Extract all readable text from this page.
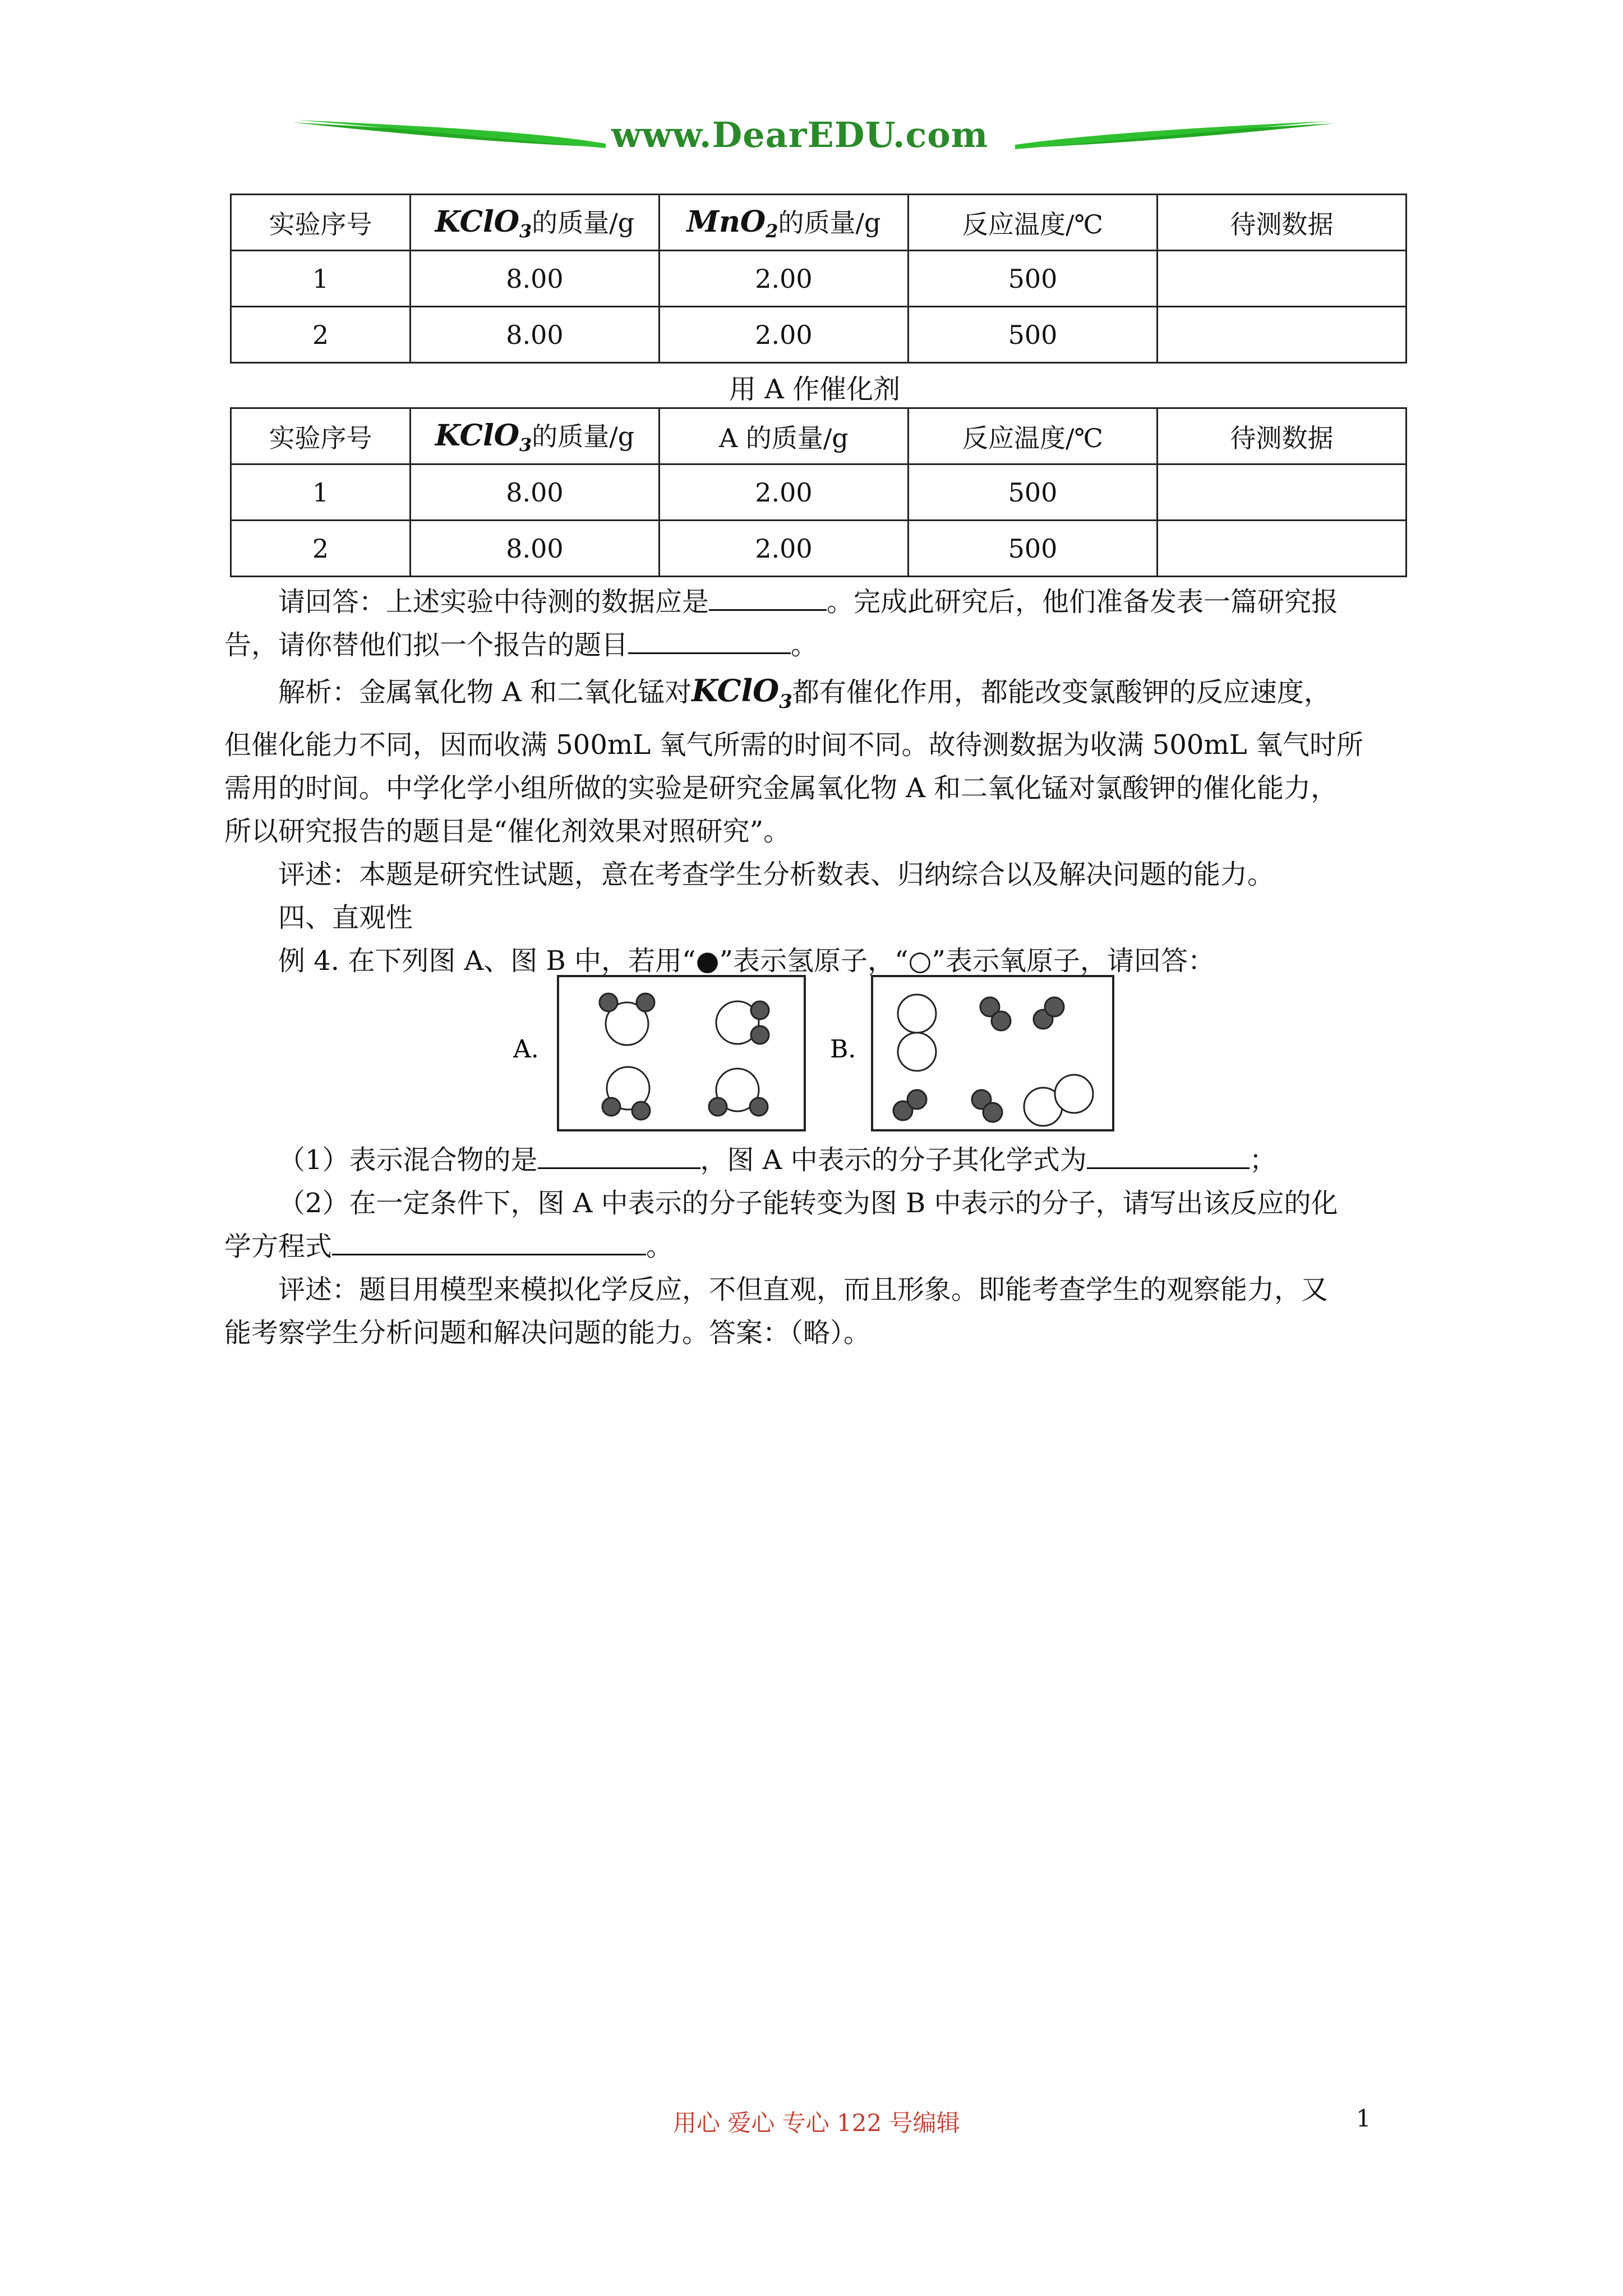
www.DearEDU.com
实验序号	KClO$_3$的质量/g	MnO$_2$的质量/g	反应温度/℃	待测数据
1	8.00	2.00	500	
2	8.00	2.00	500	
用 A 作催化剂
实验序号	KClO$_3$的质量/g	A 的质量/g	反应温度/℃	待测数据
1	8.00	2.00	500	
2	8.00	2.00	500	
请回答：上述实验中待测的数据应是	。完成此研究后，他们准备发表一篇研究报
告，请你替他们拟一个报告的题目	。
解析：金属氧化物 A 和二氧化锰对KClO$_3$都有催化作用，都能改变氯酸钾的反应速度，
但催化能力不同，因而收满 500mL 氧气所需的时间不同。故待测数据为收满 500mL 氧气时所
需用的时间。中学化学小组所做的实验是研究金属氧化物 A 和二氧化锰对氯酸钾的催化能力，
所以研究报告的题目是“催化剂效果对照研究”。
评述：本题是研究性试题，意在考查学生分析数表、归纳综合以及解决问题的能力。
四、直观性
例 4. 在下列图 A、图 B 中，若用“●”表示氢原子，“○”表示氧原子，请回答：
A.	B.
（1）表示混合物的是	，图 A 中表示的分子其化学式为	；
（2）在一定条件下，图 A 中表示的分子能转变为图 B 中表示的分子，请写出该反应的化
学方程式	。
评述：题目用模型来模拟化学反应，不但直观，而且形象。即能考查学生的观察能力，又
能考察学生分析问题和解决问题的能力。答案：（略）。
用心 爱心 专心 122 号编辑	1
